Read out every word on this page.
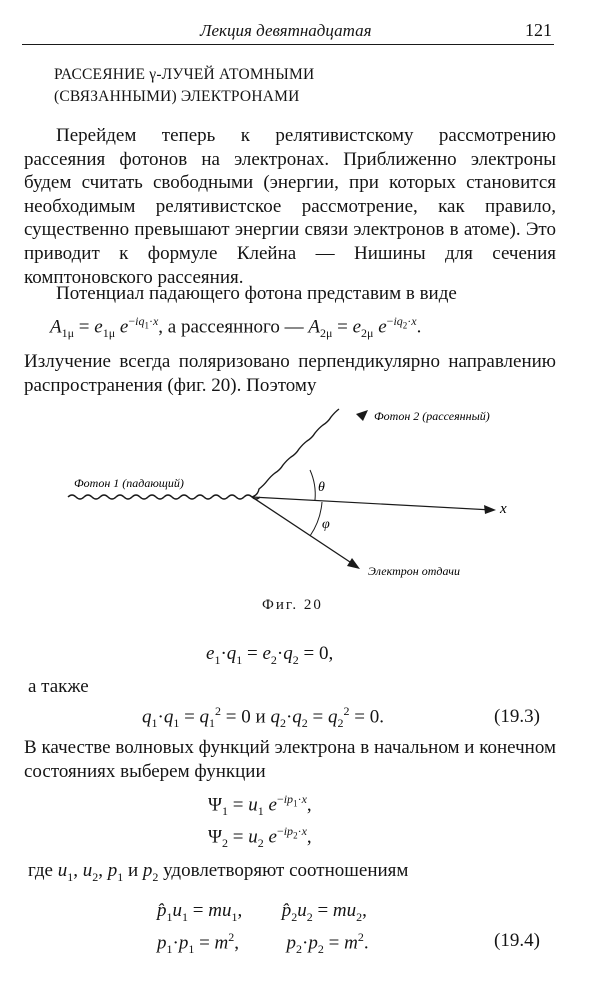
Лекция девятнадцатая	121
РАССЕЯНИЕ γ-ЛУЧЕЙ АТОМНЫМИ
(СВЯЗАННЫМИ) ЭЛЕКТРОНАМИ
Перейдем теперь к релятивистскому рассмотрению рассеяния фотонов на электронах. Приближенно электроны будем считать свободными (энергии, при которых становится необходимым релятивистское рассмотрение, как правило, существенно превышают энергии связи электронов в атоме). Это приводит к формуле Клейна — Нишины для сечения комптоновского рассеяния.
Потенциал падающего фотона представим в виде
$A_{1\mu} = e_{1\mu}$ $e^{-iq_1\cdot x}$, а рассеянного — $A_{2\mu} = e_{2\mu}$ $e^{-iq_2\cdot x}$.
Излучение всегда поляризовано перпендикулярно направлению распространения (фиг. 20). Поэтому
Фотон 1 (падающий)
Фотон 2 (рассеянный)
Электрон отдачи
x
θ
φ
Фиг. 20
$e_1\cdot q_1 = e_2\cdot q_2 = 0$,
а также
$q_1\cdot q_1 = q_1^2 = 0$ и $q_2\cdot q_2 = q_2^2 = 0$.	(19.3)
В качестве волновых функций электрона в начальном и конечном состояниях выберем функции
$\Psi_1 = u_1$ $e^{-ip_1\cdot x}$,
$\Psi_2 = u_2$ $e^{-ip_2\cdot x}$,
где $u_1$, $u_2$, $p_1$ и $p_2$ удовлетворяют соотношениям
$p̂_1u_1 = mu_1$,  $p̂_2u_2 = mu_2$,
$p_1\cdot p_1 = m^2$,  $p_2\cdot p_2 = m^2$.	(19.4)
